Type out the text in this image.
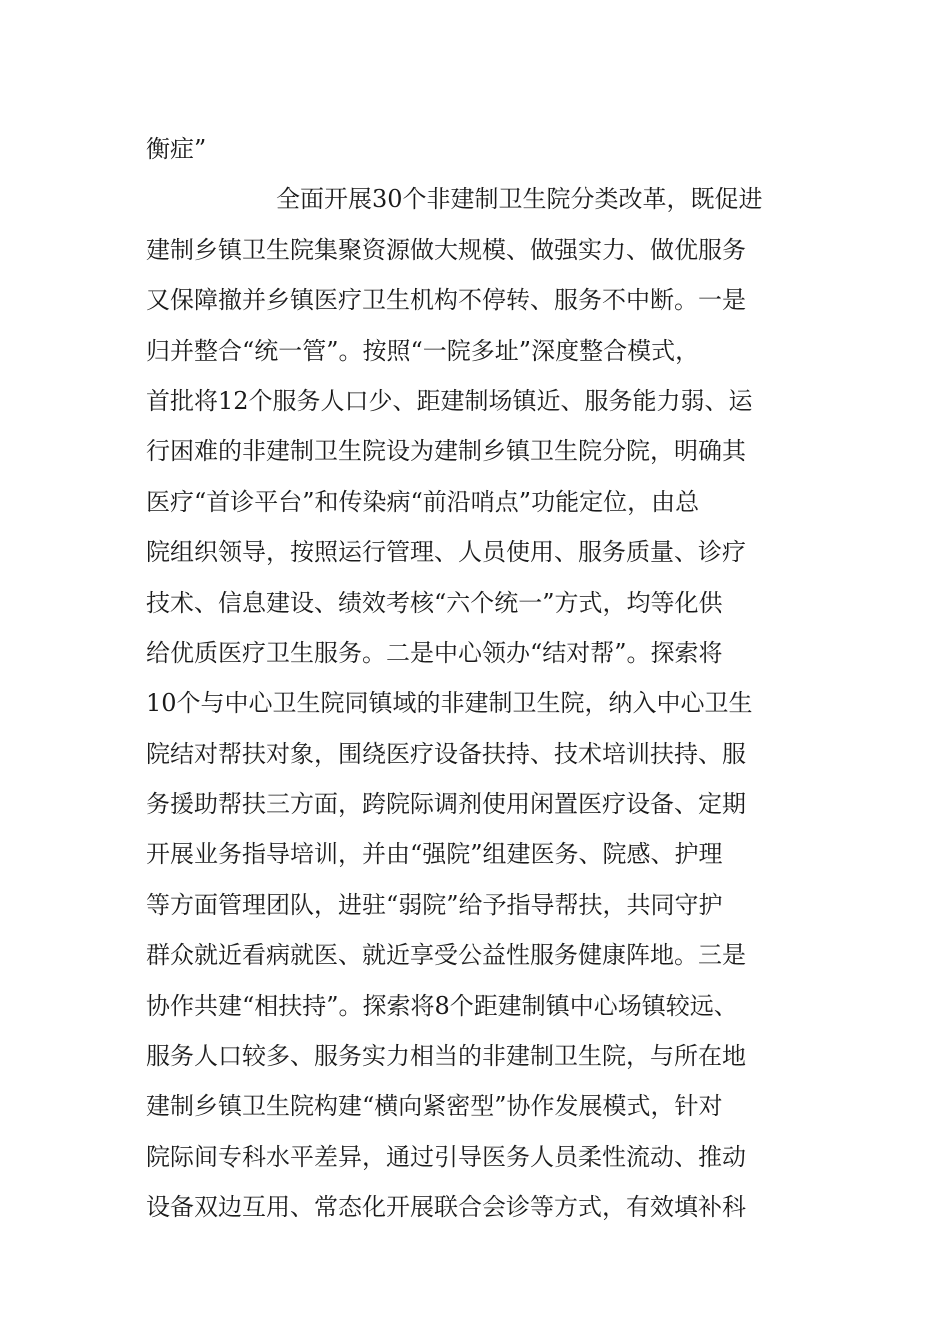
衡症”
全面开展30个非建制卫生院分类改革，既促进
建制乡镇卫生院集聚资源做大规模、做强实力、做优服务
又保障撤并乡镇医疗卫生机构不停转、服务不中断。一是
归并整合“统一管”。按照“一院多址”深度整合模式，
首批将12个服务人口少、距建制场镇近、服务能力弱、运
行困难的非建制卫生院设为建制乡镇卫生院分院，明确其
医疗“首诊平台”和传染病“前沿哨点”功能定位，由总
院组织领导，按照运行管理、人员使用、服务质量、诊疗
技术、信息建设、绩效考核“六个统一”方式，均等化供
给优质医疗卫生服务。二是中心领办“结对帮”。探索将
10个与中心卫生院同镇域的非建制卫生院，纳入中心卫生
院结对帮扶对象，围绕医疗设备扶持、技术培训扶持、服
务援助帮扶三方面，跨院际调剂使用闲置医疗设备、定期
开展业务指导培训，并由“强院”组建医务、院感、护理
等方面管理团队，进驻“弱院”给予指导帮扶，共同守护
群众就近看病就医、就近享受公益性服务健康阵地。三是
协作共建“相扶持”。探索将8个距建制镇中心场镇较远、
服务人口较多、服务实力相当的非建制卫生院，与所在地
建制乡镇卫生院构建“横向紧密型”协作发展模式，针对
院际间专科水平差异，通过引导医务人员柔性流动、推动
设备双边互用、常态化开展联合会诊等方式，有效填补科
